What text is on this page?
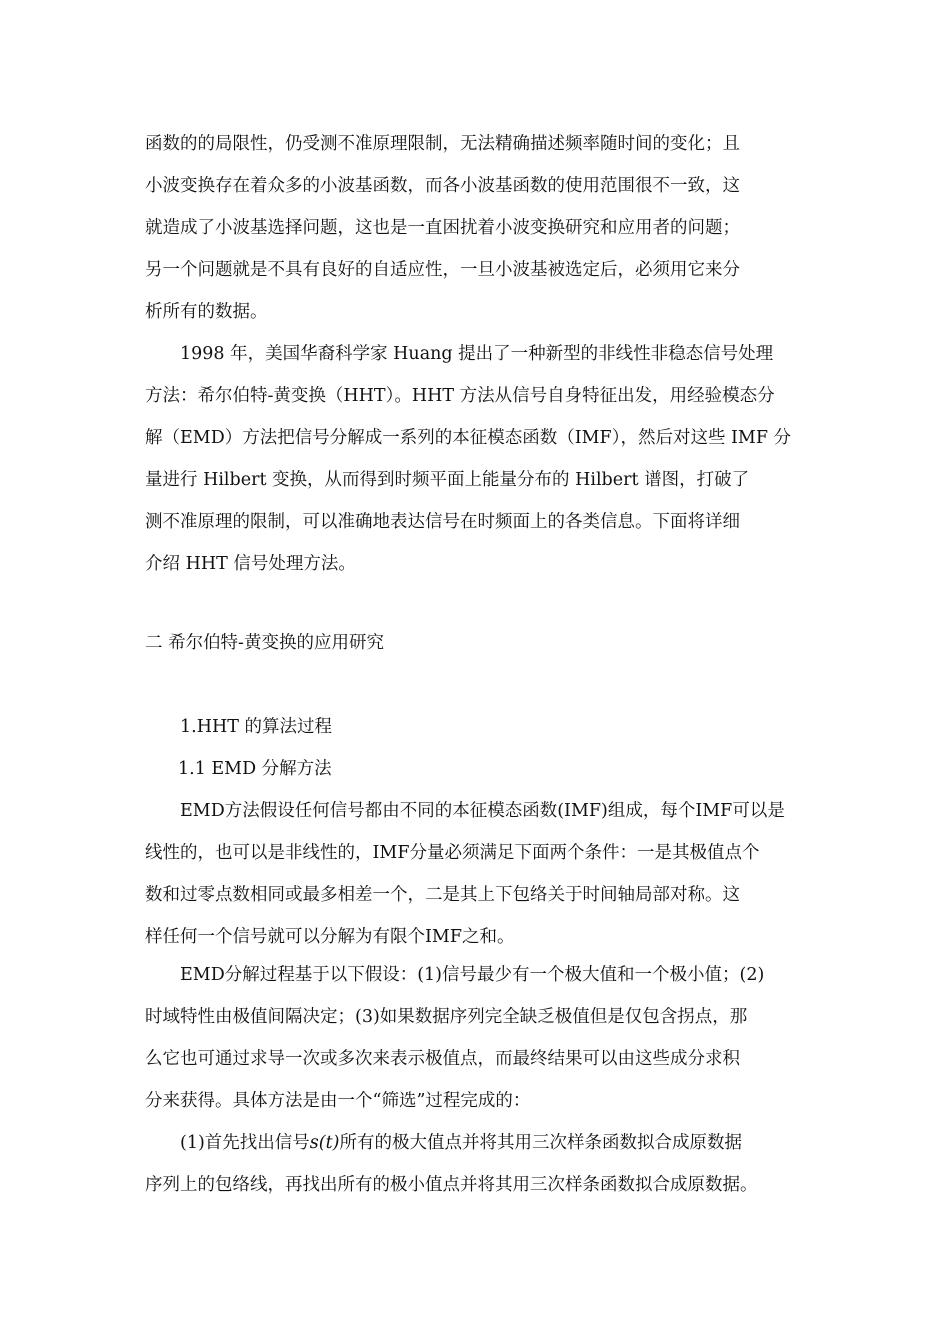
函数的的局限性，仍受测不准原理限制，无法精确描述频率随时间的变化；且
小波变换存在着众多的小波基函数，而各小波基函数的使用范围很不一致，这
就造成了小波基选择问题，这也是一直困扰着小波变换研究和应用者的问题；
另一个问题就是不具有良好的自适应性，一旦小波基被选定后，必须用它来分
析所有的数据。
1998 年，美国华裔科学家 Huang 提出了一种新型的非线性非稳态信号处理
方法：希尔伯特-黄变换（HHT）。HHT 方法从信号自身特征出发，用经验模态分
解（EMD）方法把信号分解成一系列的本征模态函数（IMF），然后对这些 IMF 分
量进行 Hilbert 变换，从而得到时频平面上能量分布的 Hilbert 谱图，打破了
测不准原理的限制，可以准确地表达信号在时频面上的各类信息。下面将详细
介绍 HHT 信号处理方法。
二 希尔伯特-黄变换的应用研究
1.HHT 的算法过程
1.1 EMD 分解方法
EMD方法假设任何信号都由不同的本征模态函数(IMF)组成，每个IMF可以是
线性的，也可以是非线性的，IMF分量必须满足下面两个条件：一是其极值点个
数和过零点数相同或最多相差一个，二是其上下包络关于时间轴局部对称。这
样任何一个信号就可以分解为有限个IMF之和。
EMD分解过程基于以下假设：(1)信号最少有一个极大值和一个极小值；(2)
时域特性由极值间隔决定；(3)如果数据序列完全缺乏极值但是仅包含拐点，那
么它也可通过求导一次或多次来表示极值点，而最终结果可以由这些成分求积
分来获得。具体方法是由一个“筛选”过程完成的：
(1)首先找出信号s(t)所有的极大值点并将其用三次样条函数拟合成原数据
序列上的包络线，再找出所有的极小值点并将其用三次样条函数拟合成原数据。
